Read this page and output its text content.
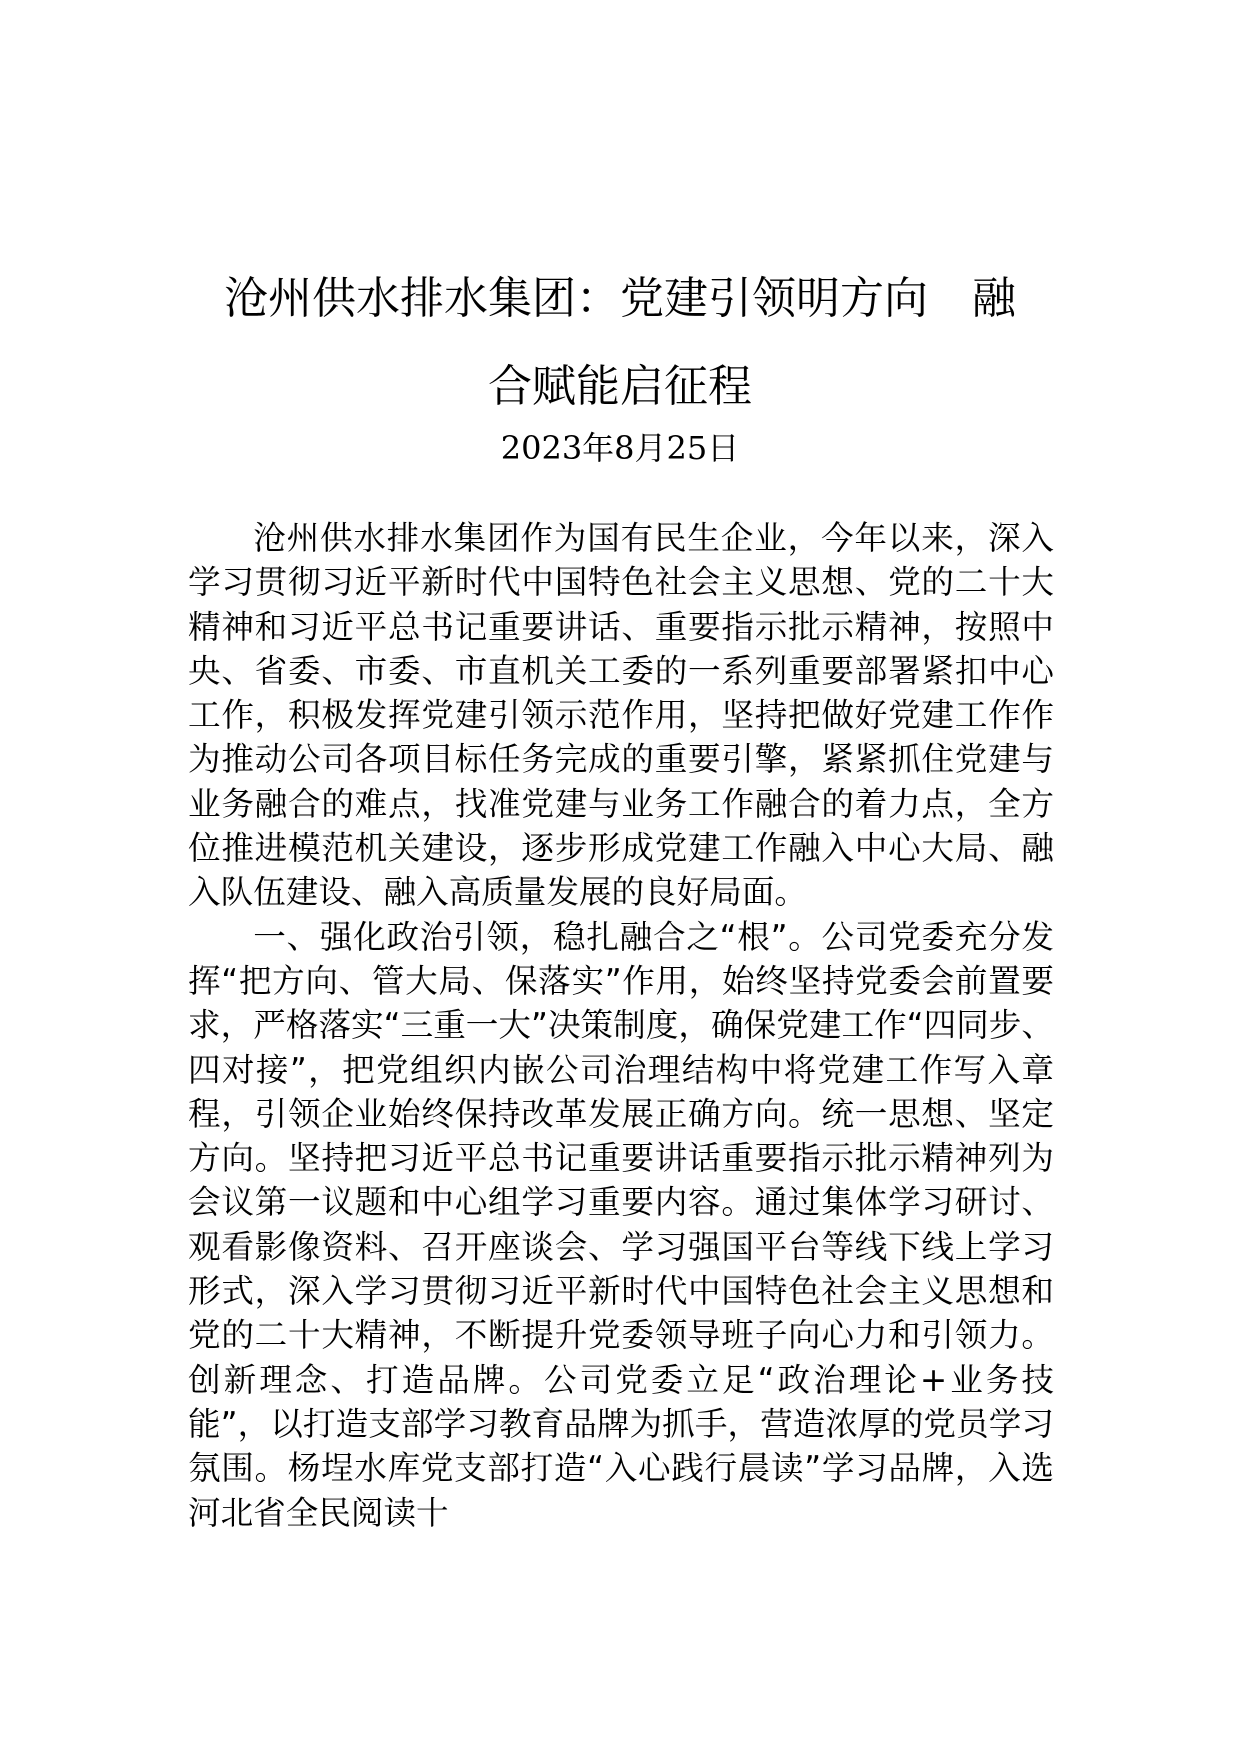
沧州供水排水集团：党建引领明方向　融
合赋能启征程
2023年8月25日

沧州供水排水集团作为国有民生企业，今年以来，深入学习贯彻习近平新时代中国特色社会主义思想、党的二十大精神和习近平总书记重要讲话、重要指示批示精神，按照中央、省委、市委、市直机关工委的一系列重要部署紧扣中心工作，积极发挥党建引领示范作用，坚持把做好党建工作作为推动公司各项目标任务完成的重要引擎，紧紧抓住党建与业务融合的难点，找准党建与业务工作融合的着力点，全方位推进模范机关建设，逐步形成党建工作融入中心大局、融入队伍建设、融入高质量发展的良好局面。

一、强化政治引领，稳扎融合之“根”。公司党委充分发挥“把方向、管大局、保落实”作用，始终坚持党委会前置要求，严格落实“三重一大”决策制度，确保党建工作“四同步、四对接”，把党组织内嵌公司治理结构中将党建工作写入章程，引领企业始终保持改革发展正确方向。统一思想、坚定方向。坚持把习近平总书记重要讲话重要指示批示精神列为会议第一议题和中心组学习重要内容。通过集体学习研讨、观看影像资料、召开座谈会、学习强国平台等线下线上学习形式，深入学习贯彻习近平新时代中国特色社会主义思想和党的二十大精神，不断提升党委领导班子向心力和引领力。创新理念、打造品牌。公司党委立足“政治理论+业务技能”，以打造支部学习教育品牌为抓手，营造浓厚的党员学习氛围。杨埕水库党支部打造“入心践行晨读”学习品牌，入选河北省全民阅读十
